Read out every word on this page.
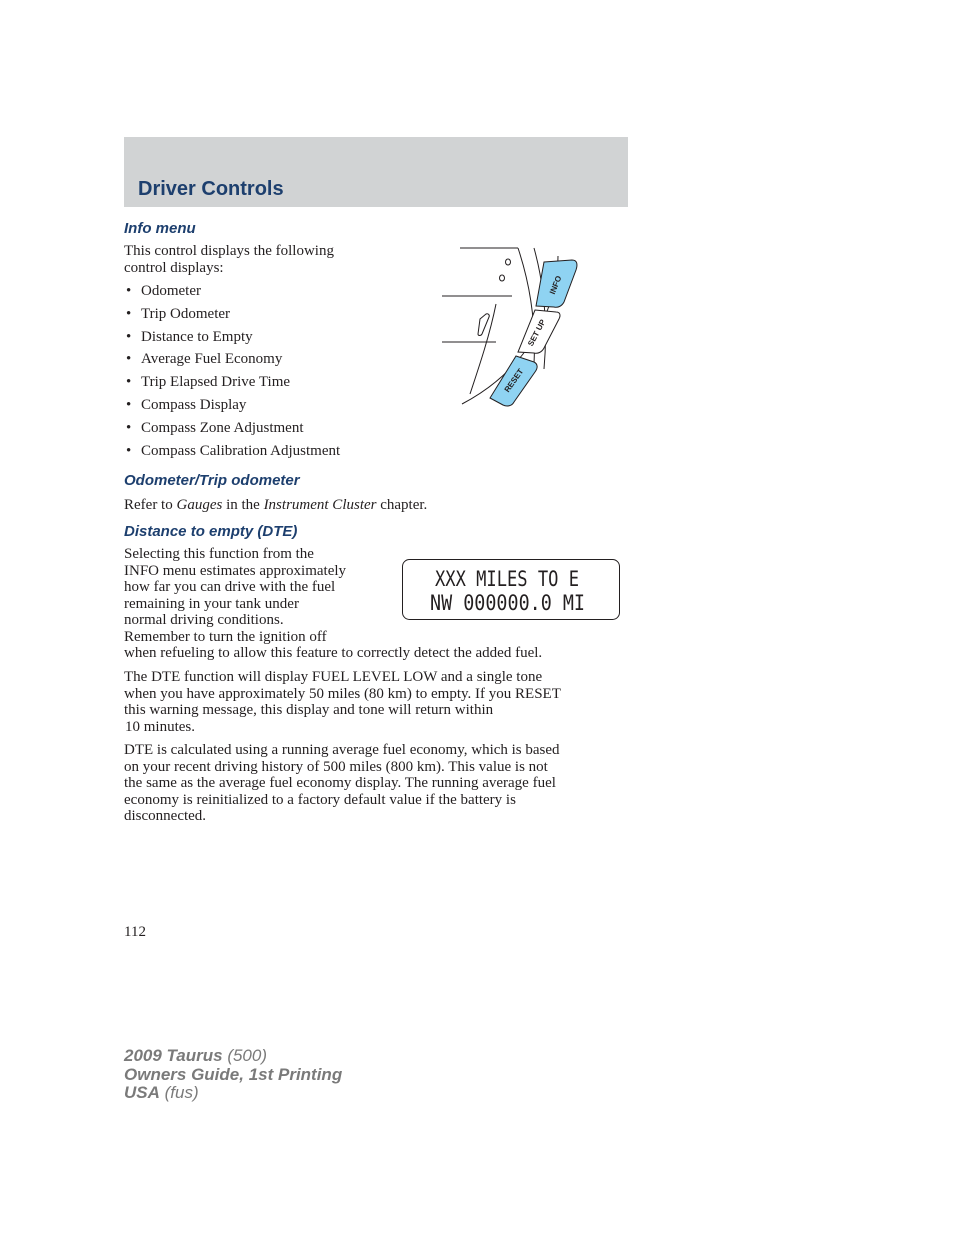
Driver Controls
Info menu

This control displays the following
control displays:

• Odometer
• Trip Odometer
• Distance to Empty
• Average Fuel Economy
• Trip Elapsed Drive Time
• Compass Display
• Compass Zone Adjustment
• Compass Calibration Adjustment
INFO
SET UP
RESET
Odometer/Trip odometer

Refer to Gauges in the Instrument Cluster chapter.

Distance to empty (DTE)

Selecting this function from the
INFO menu estimates approximately
how far you can drive with the fuel
remaining in your tank under
normal driving conditions.
Remember to turn the ignition off
when refueling to allow this feature to correctly detect the added fuel.

XXX MILES TO E
NW 000000.0 MI

The DTE function will display FUEL LEVEL LOW and a single tone
when you have approximately 50 miles (80 km) to empty. If you RESET
this warning message, this display and tone will return within
10 minutes.

DTE is calculated using a running average fuel economy, which is based
on your recent driving history of 500 miles (800 km). This value is not
the same as the average fuel economy display. The running average fuel
economy is reinitialized to a factory default value if the battery is
disconnected.

112
2009 Taurus (500)
Owners Guide, 1st Printing
USA (fus)
